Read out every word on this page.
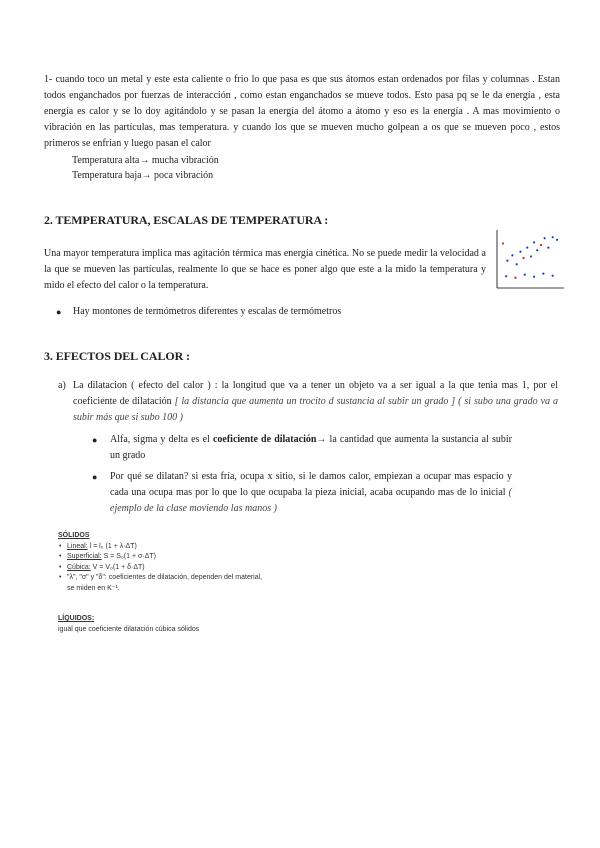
1- cuando toco un metal y este esta caliente o frio lo que pasa es que sus átomos estan ordenados por filas y columnas . Estan todos enganchados por fuerzas de interacción , como estan enganchados se mueve todos. Esto pasa pq se le da energía , esta energía es calor y se lo doy agitándolo y se pasan la energía del átomo a átomo y eso es la energía . A mas movimiento o vibración en las partículas, mas temperatura. y cuando los que se mueven mucho golpean a os que se mueven poco , estos primeros se enfrían y luego pasan el calor

Temperatura alta→ mucha vibración
Temperatura baja→ poca vibración
2. TEMPERATURA, ESCALAS DE TEMPERATURA :

Una mayor temperatura implica mas agitación térmica mas energía cinética. No se puede medir la velocidad a la que se mueven las partículas, realmente lo que se hace es poner algo que este a la mido la temperatura y mido el efecto del calor o la temperatura.

● Hay montones de termómetros diferentes y escalas de termómetros
3. EFECTOS DEL CALOR :
a) La dilatacion ( efecto del calor ) : la longitud que va a tener un objeto va a ser igual a la que tenia mas 1, por el coeficiente de dilatación [ la distancia que aumenta un trocito d sustancia al subir un grado ] ( si subo una grado va a subir más que si subo 100 )
● Alfa, sigma y delta es el coeficiente de dilatación→ la cantidad que aumenta la sustancia al subir un grado
● Por qué se dilatan? si esta fría, ocupa x sitio, si le damos calor, empiezan a ocupar mas espacio y cada una ocupa mas por lo que lo que ocupaba la pieza inicial, acaba ocupando mas de lo inicial ( ejemplo de la clase moviendo las manos )
SÓLIDOS
• Lineal: l = l₀ (1 + λ·ΔT)
• Superficial: S = S₀(1 + σ·ΔT)
• Cúbica: V = V₀(1 + δ·ΔT)
• "λ", "σ" y "δ": coeficientes de dilatación, dependen del material,
se miden en K⁻¹.
LÍQUIDOS:
igual que coeficiente dilatación cúbica sólidos
